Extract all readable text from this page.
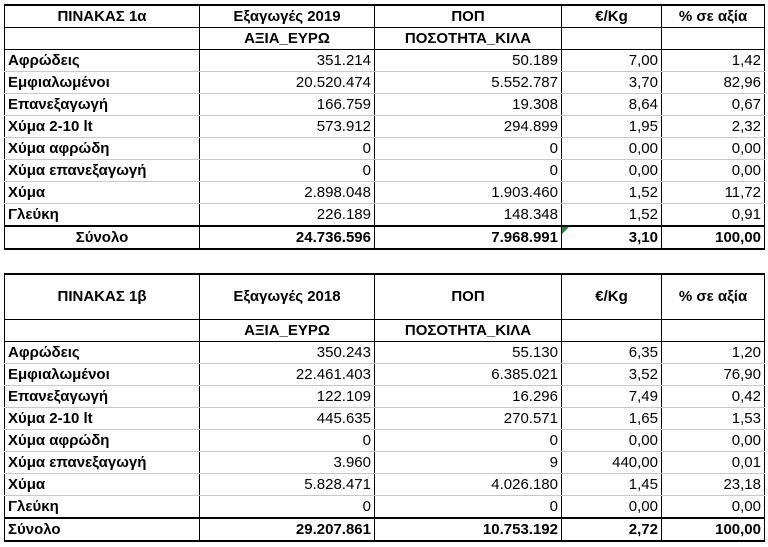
ΠΙΝΑΚΑΣ 1α	Εξαγωγές 2019	ΠΟΠ	€/Kg	% σε αξία
	ΑΞΙΑ_ΕΥΡΩ	ΠΟΣΟΤΗΤΑ_ΚΙΛΑ		
Αφρώδεις	351.214	50.189	7,00	1,42
Εμφιαλωμένοι	20.520.474	5.552.787	3,70	82,96
Επανεξαγωγή	166.759	19.308	8,64	0,67
Χύμα 2-10 lt	573.912	294.899	1,95	2,32
Χύμα αφρώδη	0	0	0,00	0,00
Χύμα επανεξαγωγή	0	0	0,00	0,00
Χύμα	2.898.048	1.903.460	1,52	11,72
Γλεύκη	226.189	148.348	1,52	0,91
Σύνολο	24.736.596	7.968.991	3,10	100,00
ΠΙΝΑΚΑΣ 1β	Εξαγωγές 2018	ΠΟΠ	€/Kg	% σε αξία
	ΑΞΙΑ_ΕΥΡΩ	ΠΟΣΟΤΗΤΑ_ΚΙΛΑ		
Αφρώδεις	350.243	55.130	6,35	1,20
Εμφιαλωμένοι	22.461.403	6.385.021	3,52	76,90
Επανεξαγωγή	122.109	16.296	7,49	0,42
Χύμα 2-10 lt	445.635	270.571	1,65	1,53
Χύμα αφρώδη	0	0	0,00	0,00
Χύμα επανεξαγωγή	3.960	9	440,00	0,01
Χύμα	5.828.471	4.026.180	1,45	23,18
Γλεύκη	0	0	0,00	0,00
Σύνολο	29.207.861	10.753.192	2,72	100,00
